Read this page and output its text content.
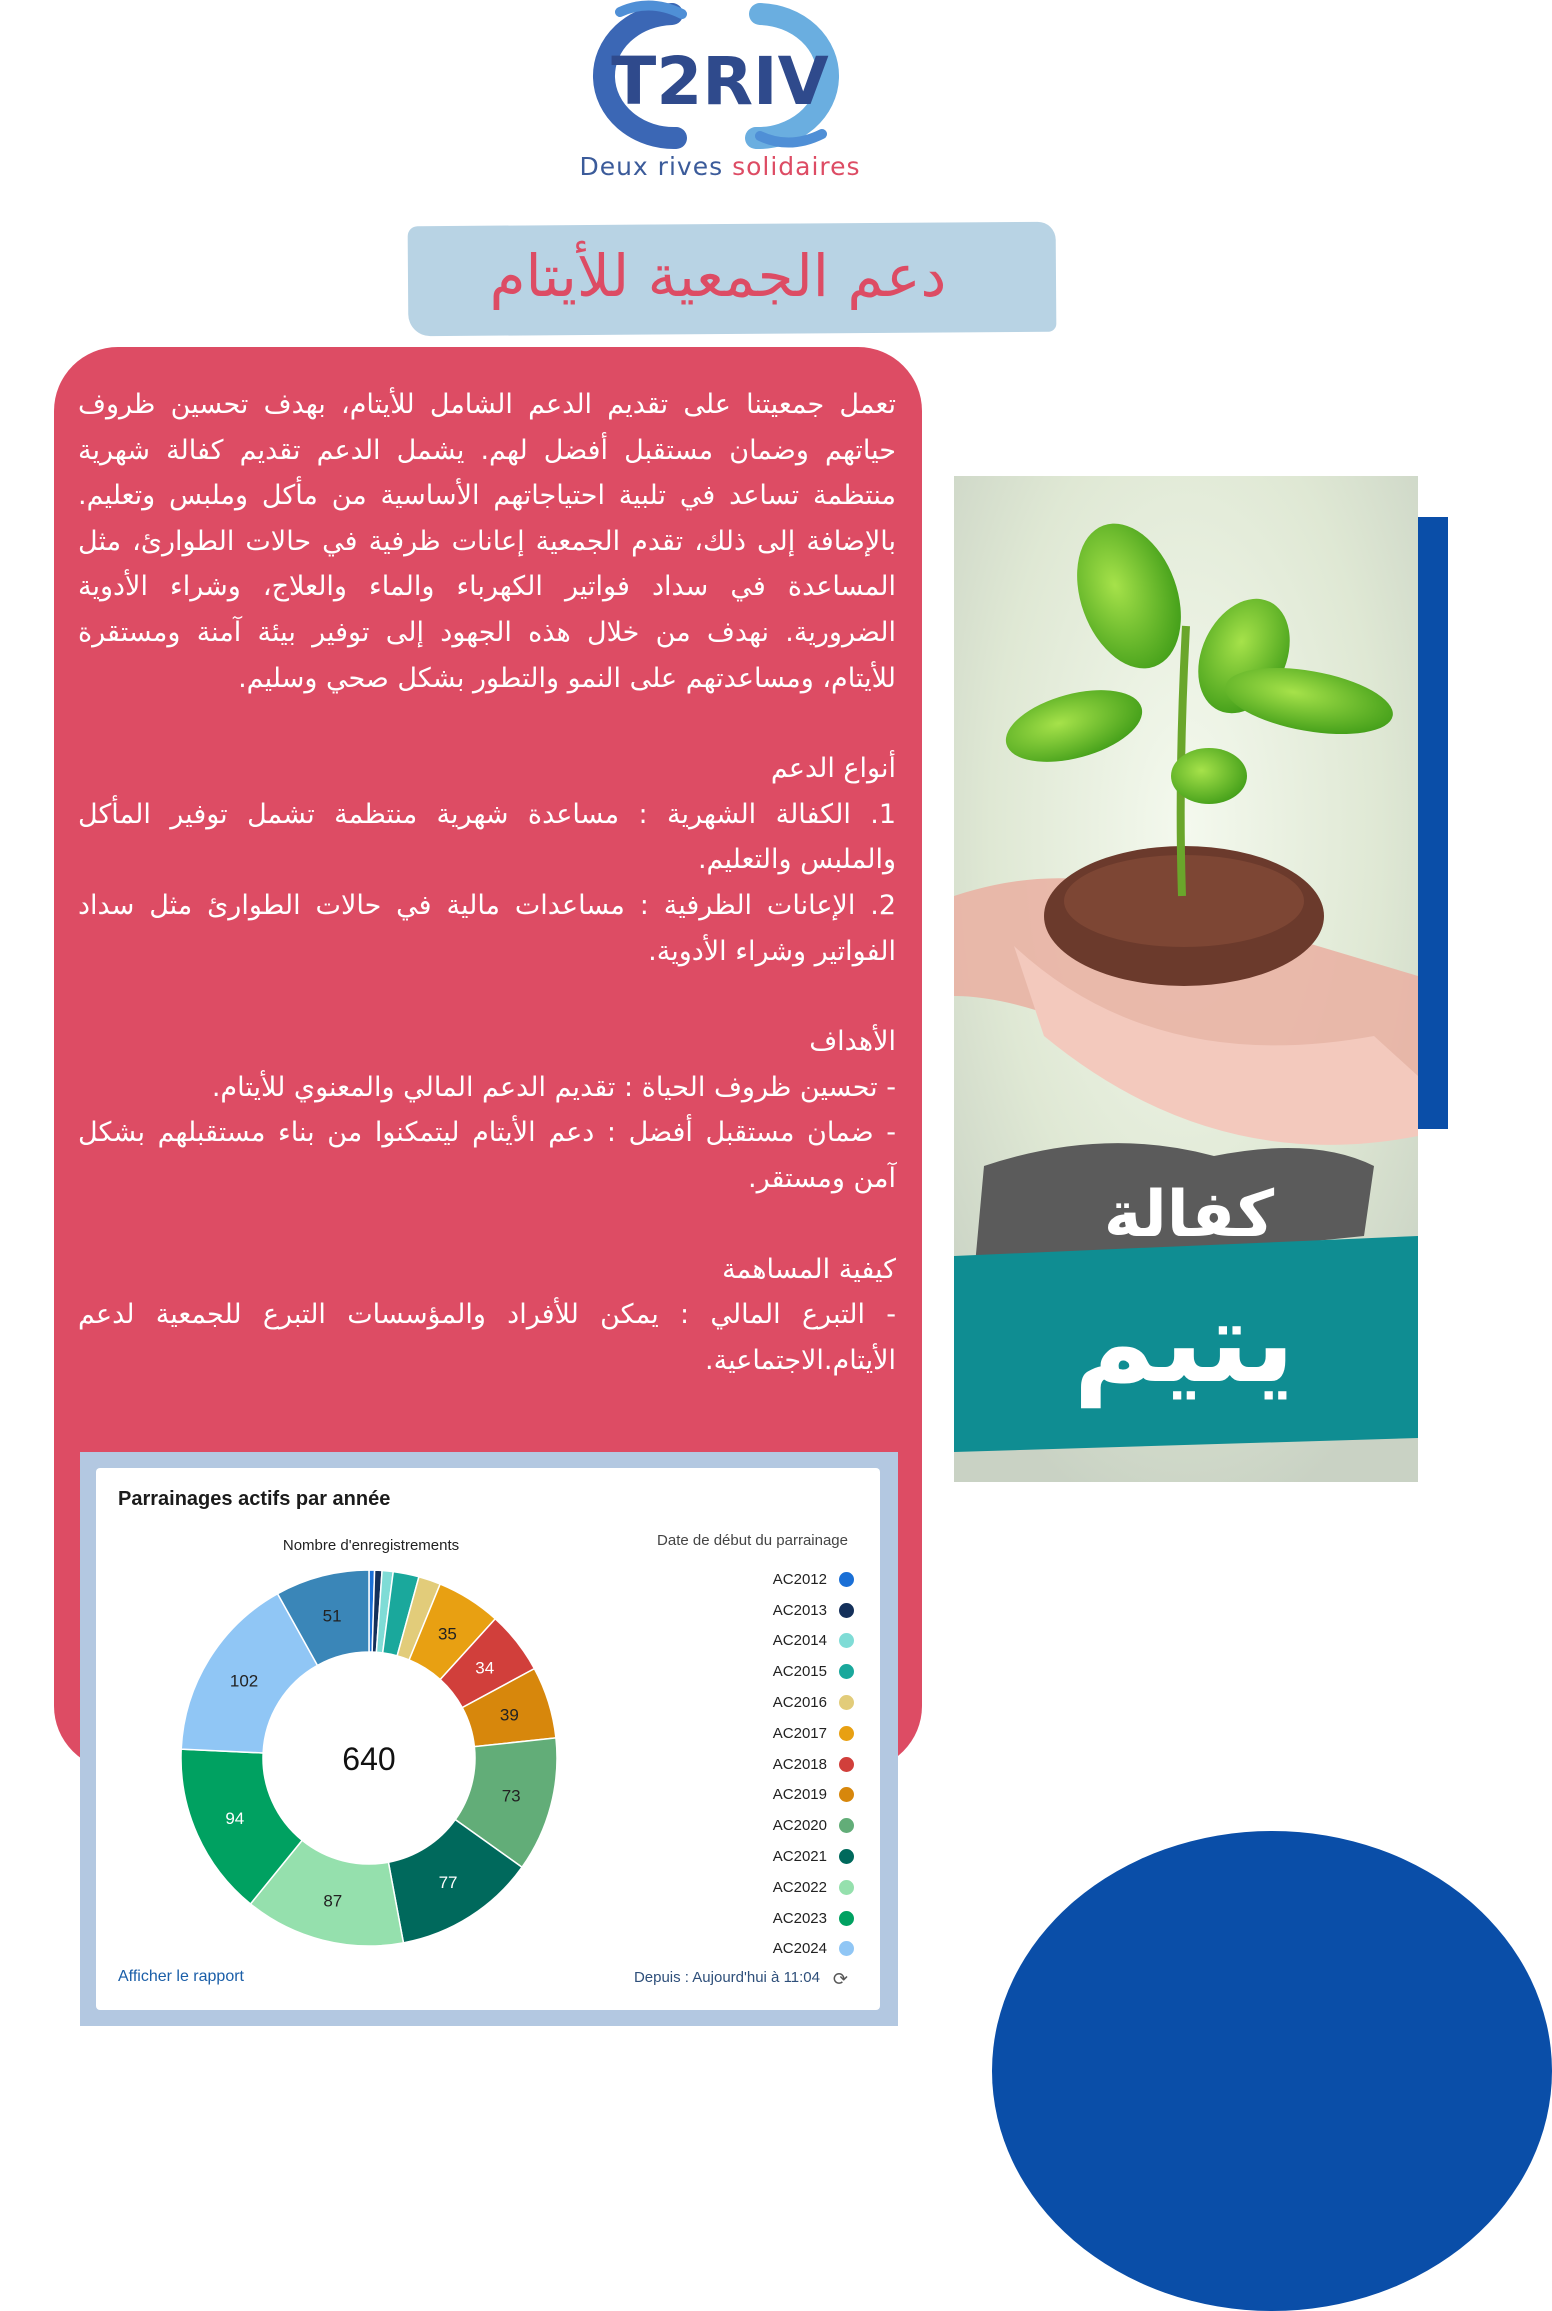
T2RIV
Deux rives solidaires
دعم الجمعية للأيتام

تعمل جمعيتنا على تقديم الدعم الشامل للأيتام، بهدف تحسين ظروف حياتهم وضمان مستقبل أفضل لهم. يشمل الدعم تقديم كفالة شهرية منتظمة تساعد في تلبية احتياجاتهم الأساسية من مأكل وملبس وتعليم. بالإضافة إلى ذلك، تقدم الجمعية إعانات ظرفية في حالات الطوارئ، مثل المساعدة في سداد فواتير الكهرباء والماء والعلاج، وشراء الأدوية الضرورية. نهدف من خلال هذه الجهود إلى توفير بيئة آمنة ومستقرة للأيتام، ومساعدتهم على النمو والتطور بشكل صحي وسليم.

أنواع الدعم

1. الكفالة الشهرية : مساعدة شهرية منتظمة تشمل توفير المأكل والملبس والتعليم.

2. الإعانات الظرفية : مساعدات مالية في حالات الطوارئ مثل سداد الفواتير وشراء الأدوية.

الأهداف

- تحسين ظروف الحياة : تقديم الدعم المالي والمعنوي للأيتام.

- ضمان مستقبل أفضل : دعم الأيتام ليتمكنوا من بناء مستقبلهم بشكل آمن ومستقر.

كيفية المساهمة

- التبرع المالي : يمكن للأفراد والمؤسسات التبرع للجمعية لدعم الأيتام.الاجتماعية.

كفالة
يتيم
Parrainages actifs par année
Nombre d'enregistrements
35
34
39
73
77
87
94
102
51
640
Date de début du parrainage
AC2012
AC2013
AC2014
AC2015
AC2016
AC2017
AC2018
AC2019
AC2020
AC2021
AC2022
AC2023
AC2024
Afficher le rapport	Depuis : Aujourd'hui à 11:04 ⟳
